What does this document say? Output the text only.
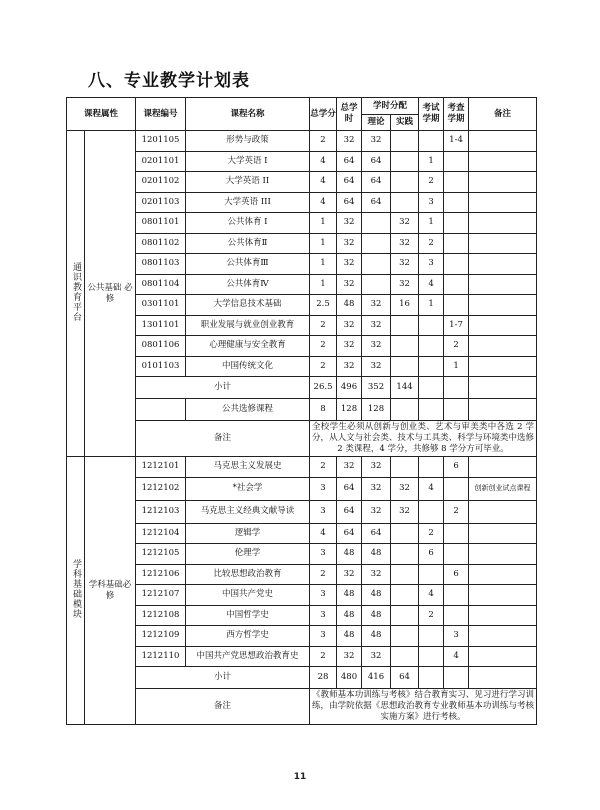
八、专业教学计划表
课程属性		课程编号	课程名称	总学分	总学时	学时分配		考试学期	考查学期	备注
						理论	实践			
通识教育平台	公共基础 必修	1201105	形势与政策	2	32	32			1-4	
		0201101	大学英语 I	4	64	64		1		
		0201102	大学英语 II	4	64	64		2		
		0201103	大学英语 III	4	64	64		3		
		0801101	公共体育 Ⅰ	1	32		32	1		
		0801102	公共体育Ⅱ	1	32		32	2		
		0801103	公共体育Ⅲ	1	32		32	3		
		0801104	公共体育Ⅳ	1	32		32	4		
		0301101	大学信息技术基础	2.5	48	32	16	1		
		1301101	职业发展与就业创业教育	2	32	32			1-7	
		0801106	心理健康与安全教育	2	32	32			2	
		0101103	中国传统文化	2	32	32			1	
		小计		26.5	496	352	144			
			公共选修课程	8	128	128				
		备注		全校学生必须从创新与创业类、艺术与审美类中各选 2 学分，从人文与社会类、技术与工具类、科学与环境类中选修 2 类课程，4 学分，共修够 8 学分方可毕业。						
学科基础模块	学科基础必修	1212101	马克思主义发展史	2	32	32			6	
		1212102	*社会学	3	64	32	32	4		创新创业试点课程
		1212103	马克思主义经典文献导读	3	64	32	32		2	
		1212104	逻辑学	4	64	64		2		
		1212105	伦理学	3	48	48		6		
		1212106	比较思想政治教育	2	32	32			6	
		1212107	中国共产党史	3	48	48		4		
		1212108	中国哲学史	3	48	48		2		
		1212109	西方哲学史	3	48	48			3	
		1212110	中国共产党思想政治教育史	2	32	32			4	
		小计		28	480	416	64			
		备注		《教师基本功训练与考核》结合教育实习、见习进行学习训练，由学院依据《思想政治教育专业教师基本功训练与考核实施方案》进行考核。						
11
